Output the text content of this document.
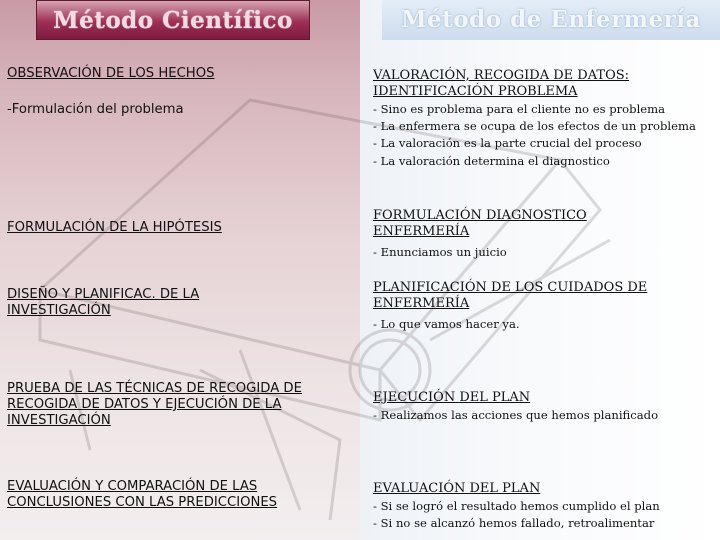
Método Científico	Método de Enfermería
OBSERVACIÓN DE LOS HECHOS
-Formulación del problema
FORMULACIÓN DE LA HIPÓTESIS
DISEÑO Y PLANIFICAC. DE LA INVESTIGACIÓN
PRUEBA DE LAS TÉCNICAS DE RECOGIDA DE RECOGIDA DE DATOS Y EJECUCIÓN DE LA INVESTIGACIÓN
EVALUACIÓN Y COMPARACIÓN DE LAS CONCLUSIONES CON LAS PREDICCIONES
VALORACIÓN, RECOGIDA DE DATOS: IDENTIFICACIÓN PROBLEMA
- Sino es problema para el cliente no es problema
- La enfermera se ocupa de los efectos de un problema
- La valoración es la parte crucial del proceso
- La valoración determina el diagnostico
FORMULACIÓN DIAGNOSTICO ENFERMERÍA
- Enunciamos un juicio
PLANIFICACIÓN DE LOS CUIDADOS DE ENFERMERÍA
- Lo que vamos hacer ya.
EJECUCIÓN DEL PLAN
- Realizamos las acciones que hemos planificado
EVALUACIÓN DEL PLAN
- Si se logró el resultado hemos cumplido el plan
- Si no se alcanzó hemos fallado, retroalimentar
